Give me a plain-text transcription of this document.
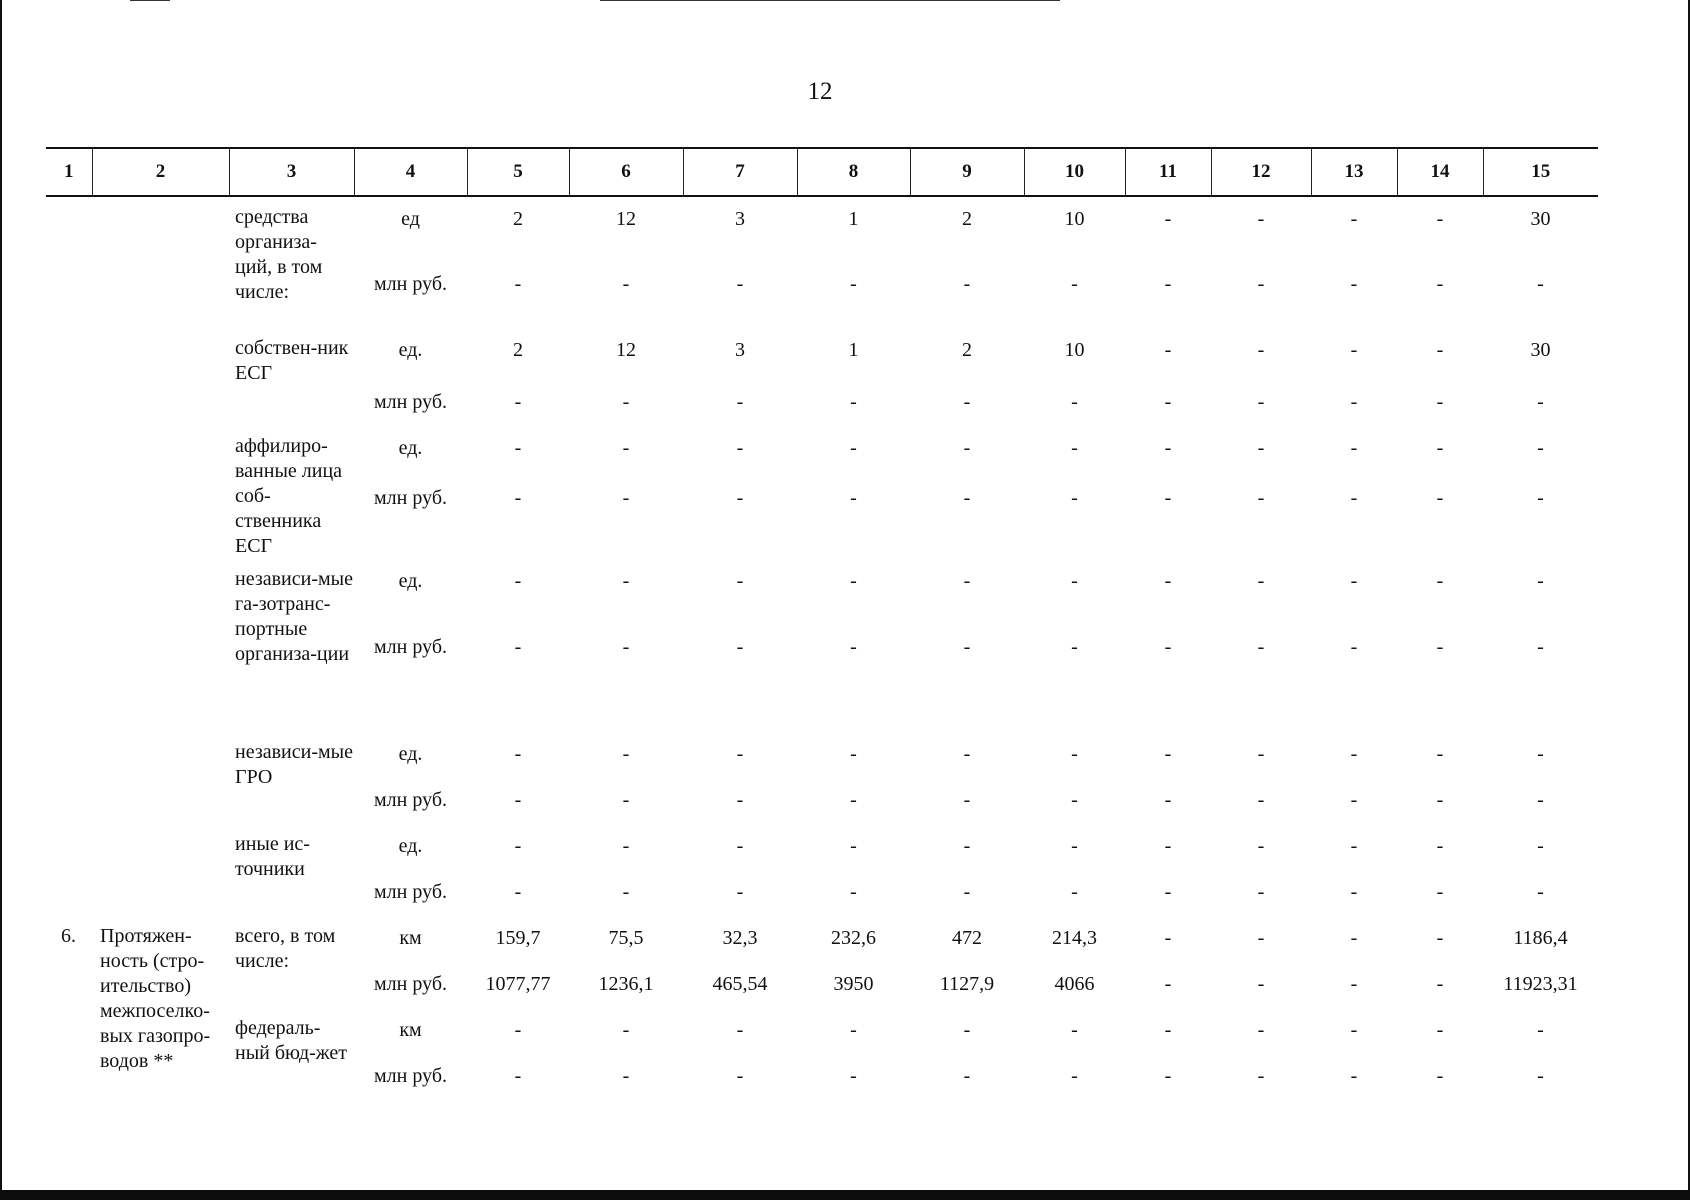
12
1	2	3	4	5	6	7	8	9	10	11	12	13	14	15
		средства организа-ций, в том числе:	ед	2	12	3	1	2	10	-	-	-	-	30
			млн руб.	-	-	-	-	-	-	-	-	-	-	-
		собствен-ник ЕСГ	ед.	2	12	3	1	2	10	-	-	-	-	30
			млн руб.	-	-	-	-	-	-	-	-	-	-	-
		аффилиро-ванные лица соб-ственника ЕСГ	ед.	-	-	-	-	-	-	-	-	-	-	-
			млн руб.	-	-	-	-	-	-	-	-	-	-	-
		независи-мые га-зотранс-портные организа-ции	ед.	-	-	-	-	-	-	-	-	-	-	-
			млн руб.	-	-	-	-	-	-	-	-	-	-	-
		независи-мые ГРО	ед.	-	-	-	-	-	-	-	-	-	-	-
			млн руб.	-	-	-	-	-	-	-	-	-	-	-
		иные ис-точники	ед.	-	-	-	-	-	-	-	-	-	-	-
			млн руб.	-	-	-	-	-	-	-	-	-	-	-
6.	Протяжен-ность (стро-ительство) межпоселко-вых газопро-водов **	всего, в том числе:	км	159,7	75,5	32,3	232,6	472	214,3	-	-	-	-	1186,4
			млн руб.	1077,77	1236,1	465,54	3950	1127,9	4066	-	-	-	-	11923,31
		федераль-ный бюд-жет	км	-	-	-	-	-	-	-	-	-	-	-
			млн руб.	-	-	-	-	-	-	-	-	-	-	-
